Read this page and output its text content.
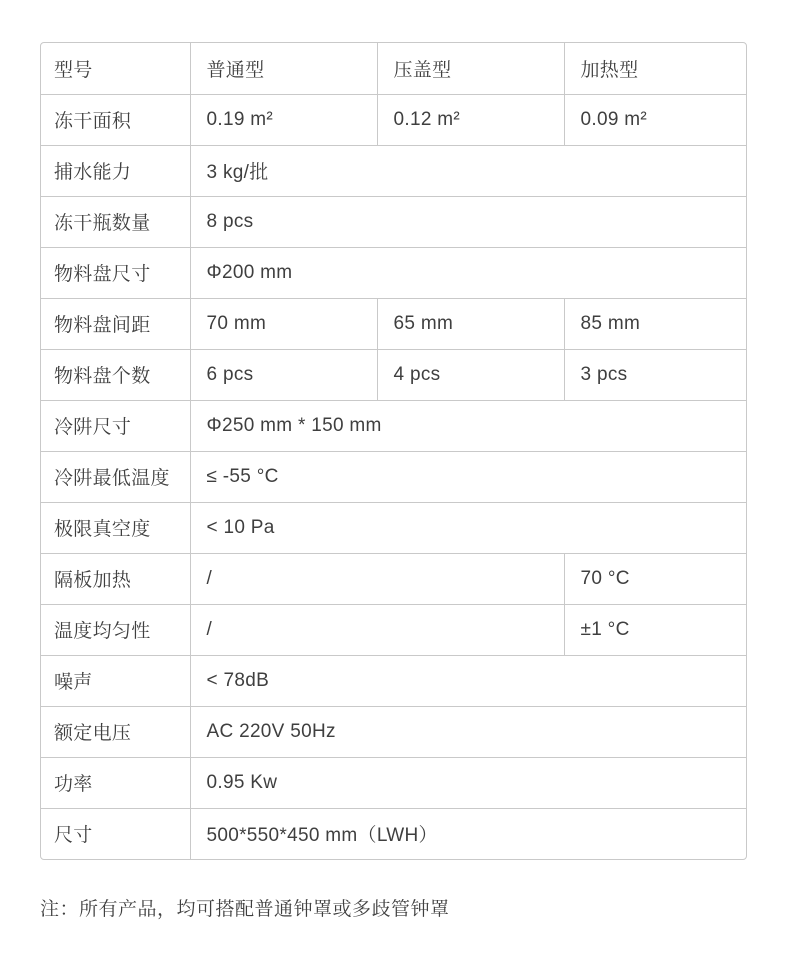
型号	普通型	压盖型	加热型
冻干面积	0.19 m²	0.12 m²	0.09 m²
捕水能力	3 kg/批		
冻干瓶数量	8 pcs		
物料盘尺寸	Φ200 mm		
物料盘间距	70 mm	65 mm	85 mm
物料盘个数	6 pcs	4 pcs	3 pcs
冷阱尺寸	Φ250 mm * 150 mm		
冷阱最低温度	≤ -55 °C		
极限真空度	< 10 Pa		
隔板加热	/		70 °C
温度均匀性	/		±1 °C
噪声	< 78dB		
额定电压	AC 220V 50Hz		
功率	0.95 Kw		
尺寸	500*550*450 mm（LWH）		
注：所有产品，均可搭配普通钟罩或多歧管钟罩
